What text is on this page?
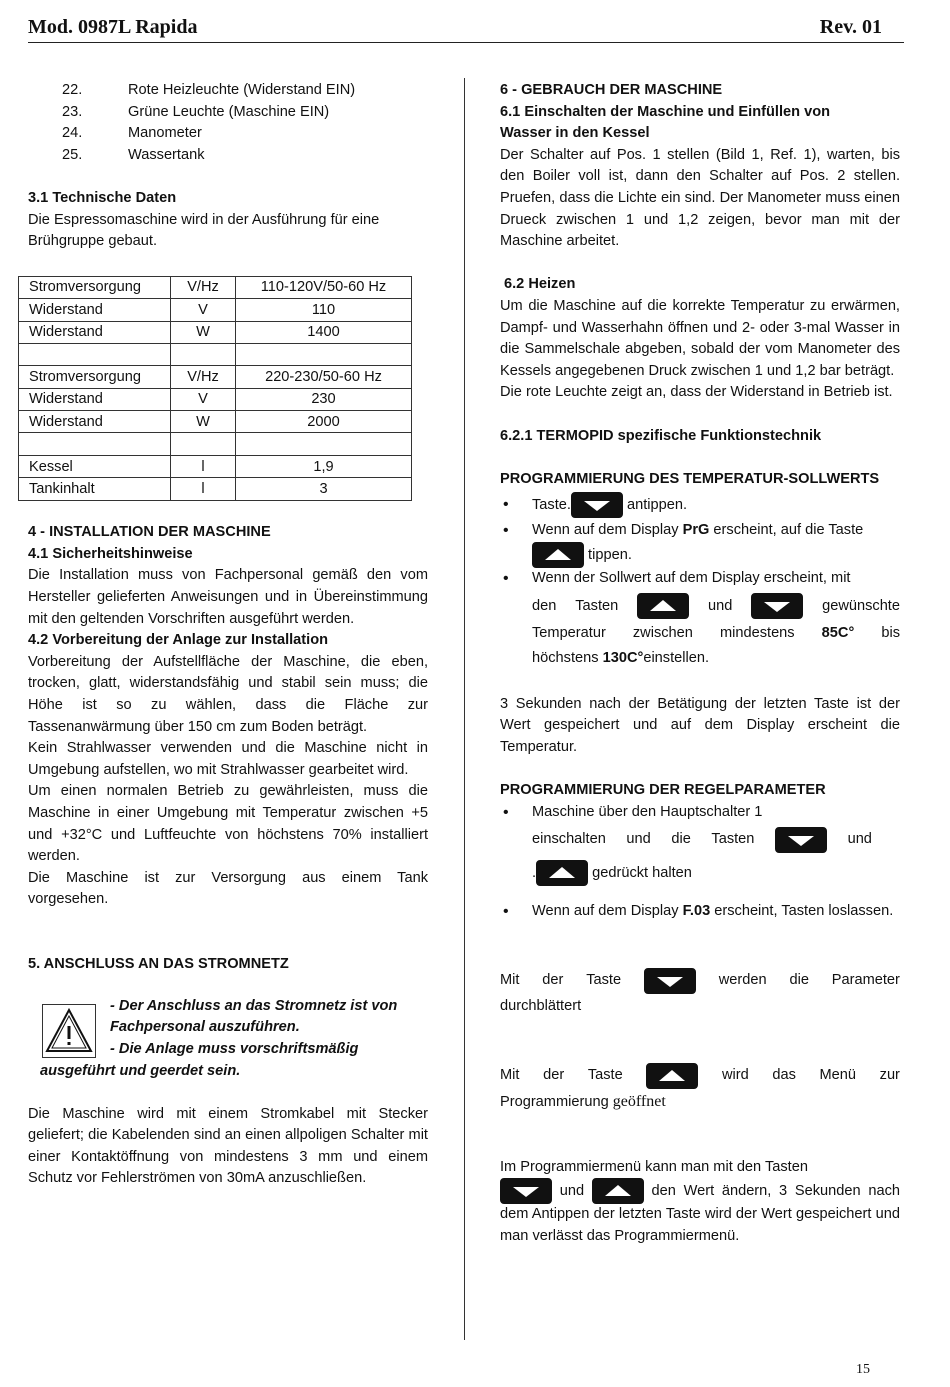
Mod. 0987L Rapida	Rev. 01
22.	Rote Heizleuchte (Widerstand EIN)
23.	Grüne Leuchte (Maschine EIN)
24.	Manometer
25.	Wassertank

3.1 Technische Daten

Die Espressomaschine wird in der Ausführung für eine

Brühgruppe gebaut.

Stromversorgung	V/Hz	110-120V/50-60 Hz
Widerstand	V	110
Widerstand	W	1400

Stromversorgung	V/Hz	220-230/50-60 Hz
Widerstand	V	230
Widerstand	W	2000

Kessel	l	1,9
Tankinhalt	l	3

4 - INSTALLATION DER MASCHINE

4.1 Sicherheitshinweise

Die Installation muss von Fachpersonal gemäß den vom Hersteller gelieferten Anweisungen und in Übereinstimmung mit den geltenden Vorschriften ausgeführt werden.

4.2 Vorbereitung der Anlage zur Installation

Vorbereitung der Aufstellfläche der Maschine, die eben, trocken, glatt, widerstandsfähig und stabil sein muss; die Höhe ist so zu wählen, dass die Fläche zur Tassenanwärmung über 150 cm zum Boden beträgt.

Kein Strahlwasser verwenden und die Maschine nicht in Umgebung aufstellen, wo mit Strahlwasser gearbeitet wird.

Um einen normalen Betrieb zu gewährleisten, muss die Maschine in einer Umgebung mit Temperatur zwischen +5 und +32°C und Luftfeuchte von höchstens 70% installiert werden.

Die Maschine ist zur Versorgung aus einem Tank vorgesehen.

5. ANSCHLUSS AN DAS STROMNETZ

- Der Anschluss an das Stromnetz ist von

Fachpersonal auszuführen.

- Die Anlage muss vorschriftsmäßig

ausgeführt und geerdet sein.

Die Maschine wird mit einem Stromkabel mit Stecker geliefert; die Kabelenden sind an einen allpoligen Schalter mit einer Kontaktöffnung von mindestens 3 mm und einem Schutz vor Fehlerströmen von 30mA anzuschließen.

6 - GEBRAUCH DER MASCHINE

6.1 Einschalten der Maschine und Einfüllen von

Wasser in den Kessel

Der Schalter auf Pos. 1 stellen (Bild 1, Ref. 1), warten, bis den Boiler voll ist, dann den Schalter auf Pos. 2 stellen. Pruefen, dass die Lichte ein sind. Der Manometer muss einen Drueck zwischen 1 und 1,2 zeigen, bevor man mit der Maschine arbeitet.

6.2 Heizen

Um die Maschine auf die korrekte Temperatur zu erwärmen, Dampf- und Wasserhahn öffnen und 2- oder 3-mal Wasser in die Sammelschale abgeben, sobald der vom Manometer des Kessels angegebenen Druck zwischen 1 und 1,2 bar beträgt.

Die rote Leuchte zeigt an, dass der Widerstand in Betrieb ist.

6.2.1 TERMOPID spezifische Funktionstechnik

PROGRAMMIERUNG DES TEMPERATUR-SOLLWERTS

• Taste.	antippen.
• Wenn auf dem Display PrG erscheint, auf die Taste

tippen.
• Wenn der Sollwert auf dem Display erscheint, mit
den Tasten	und	gewünschte
Temperatur zwischen mindestens 85C° bis
höchstens 130C°einstellen.

3 Sekunden nach der Betätigung der letzten Taste ist der Wert gespeichert und auf dem Display erscheint die Temperatur.

PROGRAMMIERUNG DER REGELPARAMETER

• Maschine über den Hauptschalter 1
einschalten und die Tasten	und
.	gedrückt halten
• Wenn auf dem Display F.03 erscheint, Tasten loslassen.
Mit der Taste	werden die Parameter

durchblättert

Mit der Taste	wird das Menü zur

Programmierung geöffnet

Im Programmiermenü kann man mit den Tasten

und	den Wert ändern, 3 Sekunden nach dem Antippen der letzten Taste wird der Wert gespeichert und man verlässt das Programmiermenü.

15
